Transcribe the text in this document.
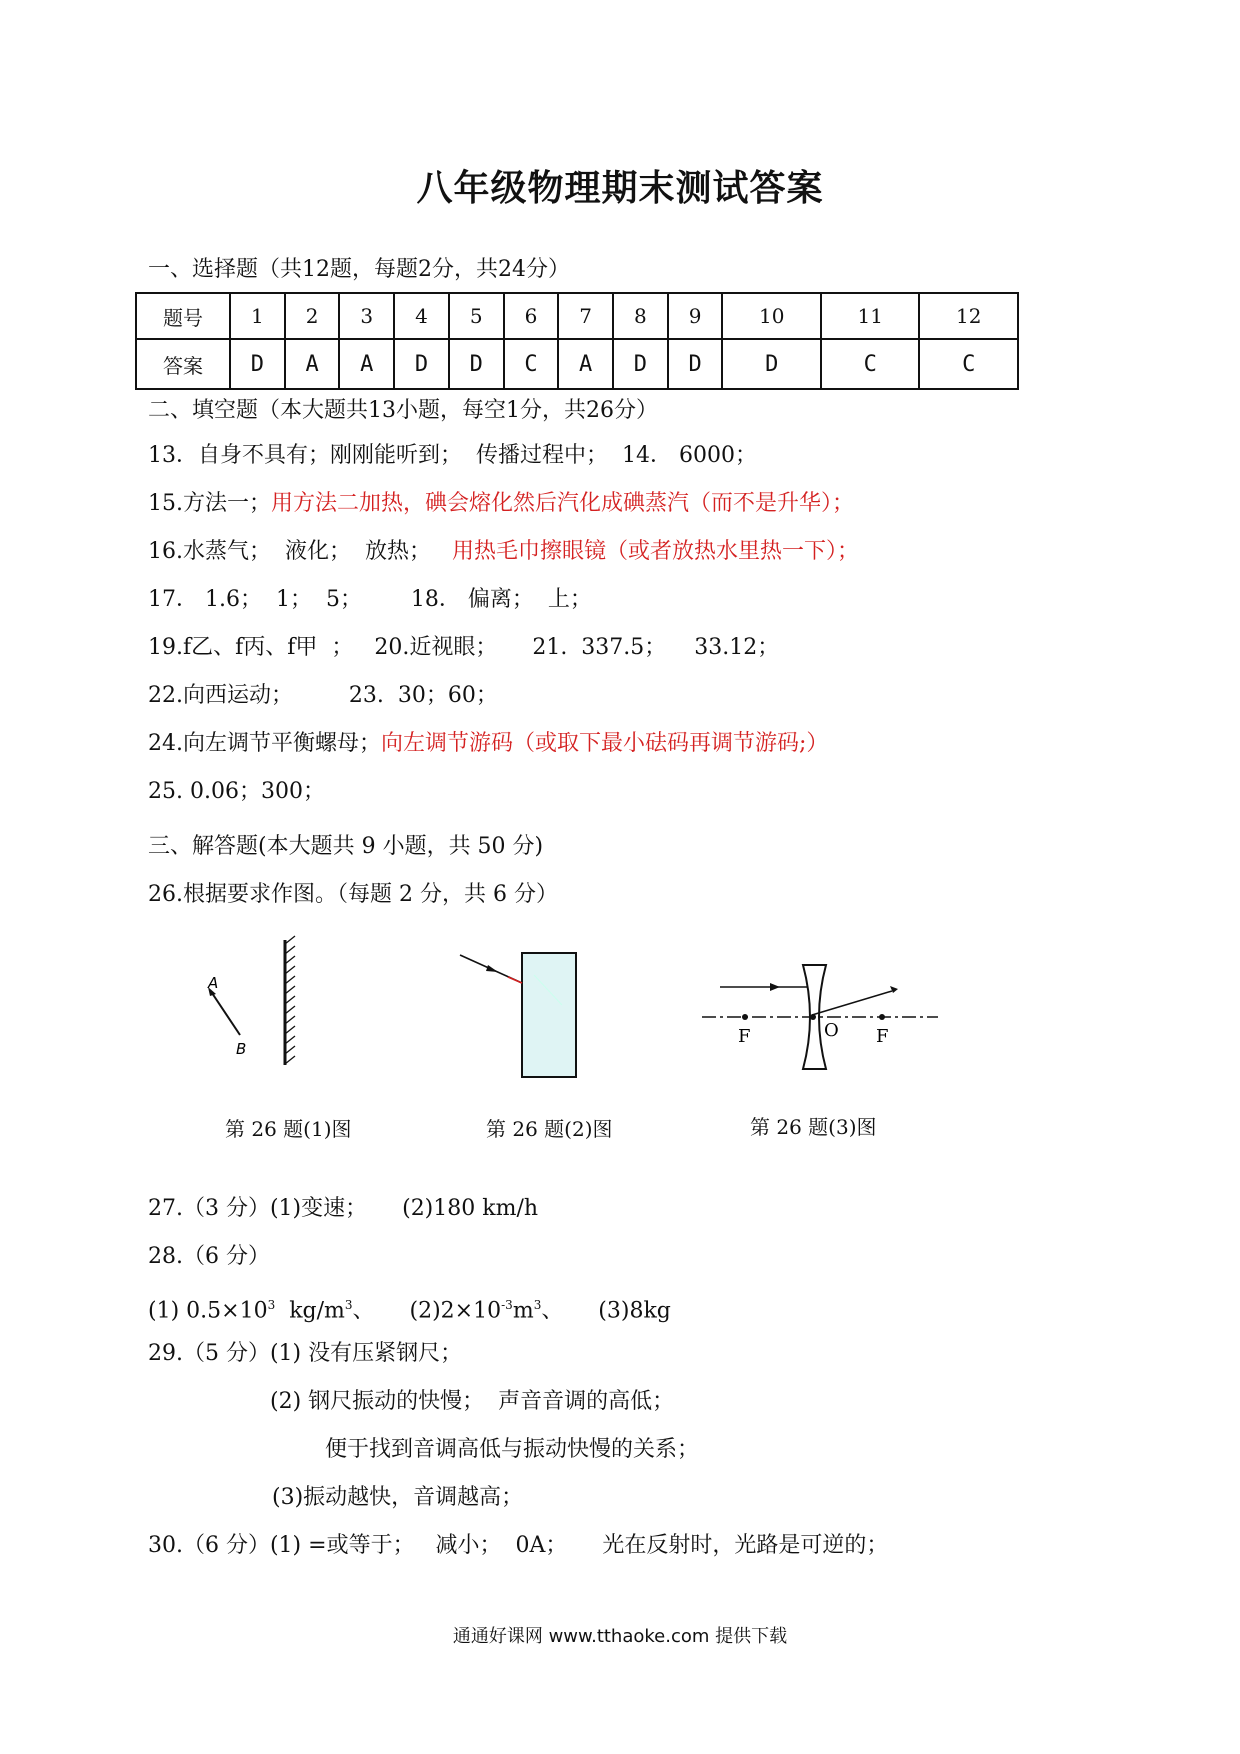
八年级物理期末测试答案
一、选择题（共12题，每题2分，共24分）
题号	1	2	3	4	5	6	7	8	9	10	11	12
答案	D	A	A	D	D	C	A	D	D	D	C	C
二、填空题（本大题共13小题，每空1分，共26分）
13．自身不具有；刚刚能听到；  传播过程中；  14． 6000；
15.方法一；用方法二加热，碘会熔化然后汽化成碘蒸汽（而不是升华）；
16.水蒸气；  液化；  放热；   用热毛巾擦眼镜（或者放热水里热一下）；
17． 1.6；  1；  5；       18． 偏离；  上；
19.f乙、f丙、f甲  ；   20.近视眼；     21.  337.5；    33.12；
22.向西运动；        23.  30；60；
24.向左调节平衡螺母；向左调节游码（或取下最小砝码再调节游码;）
25. 0.06；300；
三、解答题(本大题共 9 小题，共 50 分)
26.根据要求作图。（每题 2 分，共 6 分）
A
B
第 26 题(1)图	第 26 题(2)图
F	O F
第 26 题(3)图
27.（3 分）(1)变速；     (2)180 km/h
28.（6 分）
(1) $0.5\times 10^3$  $kg/m^3$、     $(2)2\times 10^{-3}m^3$、     (3)8kg
29.（5 分）(1) 没有压紧钢尺；
(2) 钢尺振动的快慢；  声音音调的高低；
便于找到音调高低与振动快慢的关系；
(3)振动越快，音调越高；
30.（6 分）(1) =或等于；   减小；  0A；     光在反射时，光路是可逆的；
通通好课网 www.tthaoke.com 提供下载
